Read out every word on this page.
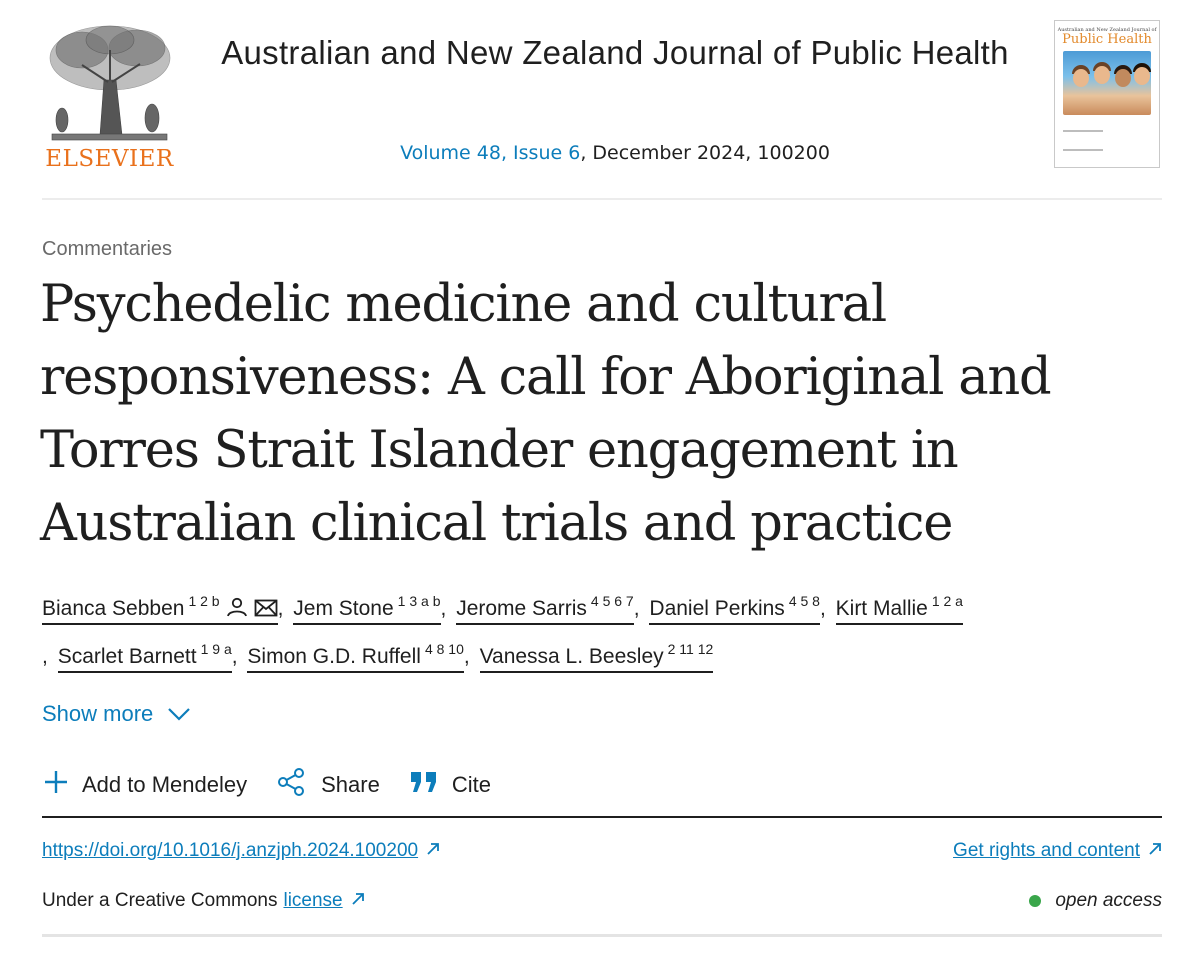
ELSEVIER
Australian and New Zealand Journal of Public Health
Volume 48, Issue 6, December 2024, 100200
Australian and New Zealand Journal of
Public Health

Commentaries
Psychedelic medicine and cultural responsiveness: A call for Aboriginal and Torres Strait Islander engagement in Australian clinical trials and practice
Bianca Sebben $^{1 2 b}$	, Jem Stone $^{1 3 a b}$, Jerome Sarris $^{4 5 6 7}$, Daniel Perkins $^{4 5 8}$, Kirt Mallie $^{1 2 a}$
, Scarlet Barnett $^{1 9 a}$, Simon G.D. Ruffell $^{4 8 10}$, Vanessa L. Beesley $^{2 11 12}$
Show more
Add to Mendeley	Share	Cite
https://doi.org/10.1016/j.anzjph.2024.100200	Get rights and content
Under a Creative Commons license	open access
